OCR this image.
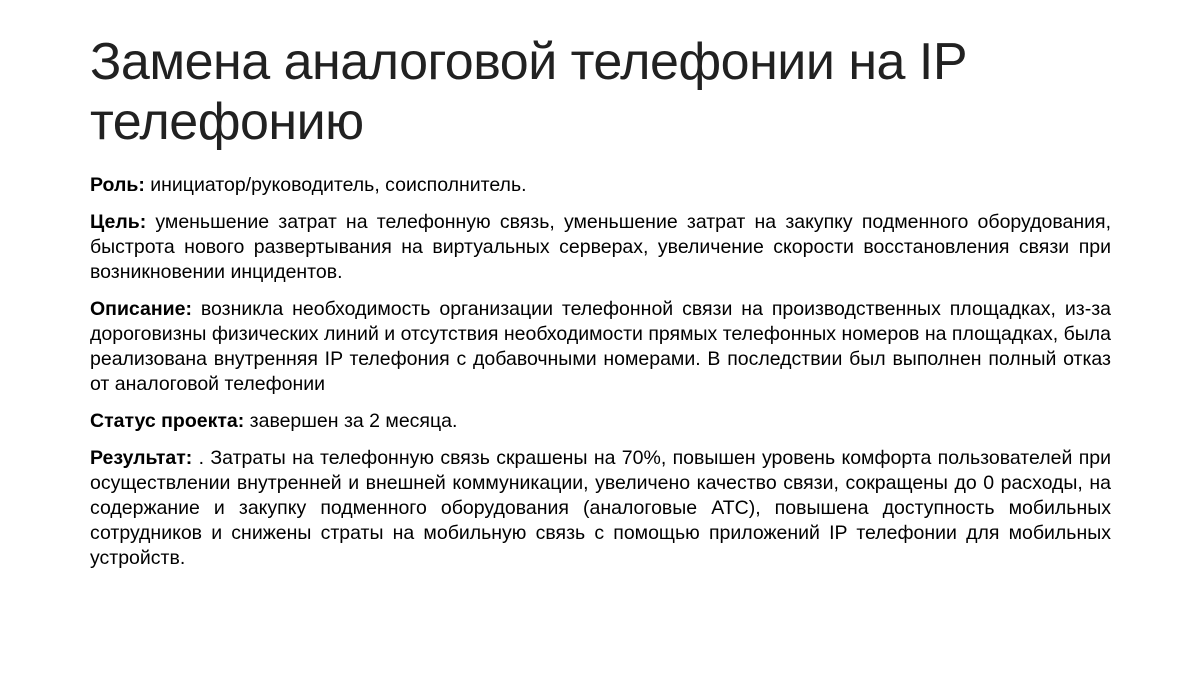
Замена аналоговой телефонии на IP телефонию

Роль: инициатор/руководитель, соисполнитель.

Цель: уменьшение затрат на телефонную связь, уменьшение затрат на закупку подменного оборудования, быстрота нового развертывания на виртуальных серверах, увеличение скорости восстановления связи при возникновении инцидентов.

Описание: возникла необходимость организации телефонной связи на производственных площадках, из-за дороговизны физических линий и отсутствия необходимости прямых телефонных номеров на площадках, была реализована внутренняя IP телефония с добавочными номерами. В последствии был выполнен полный отказ от аналоговой телефонии

Статус проекта: завершен за 2 месяца.

Результат: . Затраты на телефонную связь скрашены на 70%, повышен уровень комфорта пользователей при осуществлении внутренней и внешней коммуникации, увеличено качество связи, сокращены до 0 расходы, на содержание и закупку подменного оборудования (аналоговые АТС), повышена доступность мобильных сотрудников и снижены страты на мобильную связь с помощью приложений IP телефонии для мобильных устройств.
